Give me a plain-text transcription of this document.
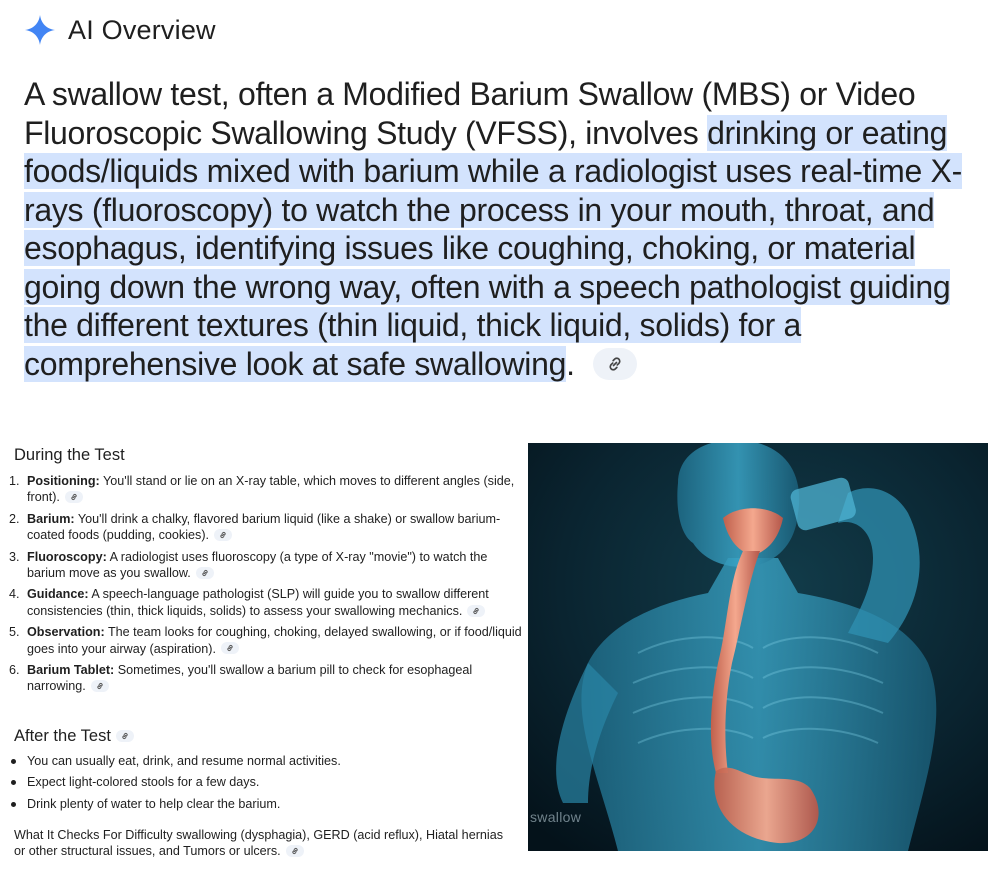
AI Overview
A swallow test, often a Modified Barium Swallow (MBS) or Video Fluoroscopic Swallowing Study (VFSS), involves drinking or eating foods/liquids mixed with barium while a radiologist uses real-time X-rays (fluoroscopy) to watch the process in your mouth, throat, and esophagus, identifying issues like coughing, choking, or material going down the wrong way, often with a speech pathologist guiding the different textures (thin liquid, thick liquid, solids) for a comprehensive look at safe swallowing.
During the Test
1. Positioning: You'll stand or lie on an X-ray table, which moves to different angles (side, front).
2. Barium: You'll drink a chalky, flavored barium liquid (like a shake) or swallow barium-coated foods (pudding, cookies).
3. Fluoroscopy: A radiologist uses fluoroscopy (a type of X-ray "movie") to watch the barium move as you swallow.
4. Guidance: A speech-language pathologist (SLP) will guide you to swallow different consistencies (thin, thick liquids, solids) to assess your swallowing mechanics.
5. Observation: The team looks for coughing, choking, delayed swallowing, or if food/liquid goes into your airway (aspiration).
6. Barium Tablet: Sometimes, you'll swallow a barium pill to check for esophageal narrowing.
After the Test
You can usually eat, drink, and resume normal activities.
Expect light-colored stools for a few days.
Drink plenty of water to help clear the barium.

What It Checks For Difficulty swallowing (dysphagia), GERD (acid reflux), Hiatal hernias or other structural issues, and Tumors or ulcers.

swallow
